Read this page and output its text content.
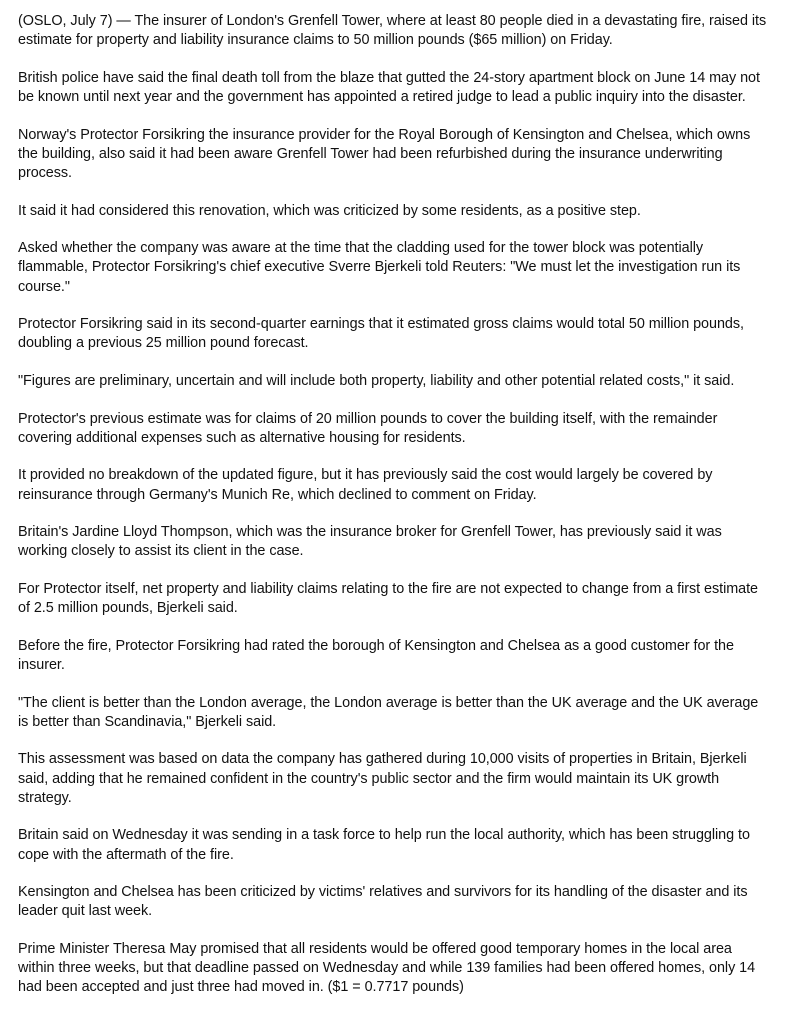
(OSLO, July 7) — The insurer of London's Grenfell Tower, where at least 80 people died in a devastating fire, raised its estimate for property and liability insurance claims to 50 million pounds ($65 million) on Friday.

British police have said the final death toll from the blaze that gutted the 24-story apartment block on June 14 may not be known until next year and the government has appointed a retired judge to lead a public inquiry into the disaster.

Norway's Protector Forsikring the insurance provider for the Royal Borough of Kensington and Chelsea, which owns the building, also said it had been aware Grenfell Tower had been refurbished during the insurance underwriting process.

It said it had considered this renovation, which was criticized by some residents, as a positive step.

Asked whether the company was aware at the time that the cladding used for the tower block was potentially flammable, Protector Forsikring's chief executive Sverre Bjerkeli told Reuters: "We must let the investigation run its course."

Protector Forsikring said in its second-quarter earnings that it estimated gross claims would total 50 million pounds, doubling a previous 25 million pound forecast.

"Figures are preliminary, uncertain and will include both property, liability and other potential related costs," it said.

Protector's previous estimate was for claims of 20 million pounds to cover the building itself, with the remainder covering additional expenses such as alternative housing for residents.

It provided no breakdown of the updated figure, but it has previously said the cost would largely be covered by reinsurance through Germany's Munich Re, which declined to comment on Friday.

Britain's Jardine Lloyd Thompson, which was the insurance broker for Grenfell Tower, has previously said it was working closely to assist its client in the case.

For Protector itself, net property and liability claims relating to the fire are not expected to change from a first estimate of 2.5 million pounds, Bjerkeli said.

Before the fire, Protector Forsikring had rated the borough of Kensington and Chelsea as a good customer for the insurer.

"The client is better than the London average, the London average is better than the UK average and the UK average is better than Scandinavia," Bjerkeli said.

This assessment was based on data the company has gathered during 10,000 visits of properties in Britain, Bjerkeli said, adding that he remained confident in the country's public sector and the firm would maintain its UK growth strategy.

Britain said on Wednesday it was sending in a task force to help run the local authority, which has been struggling to cope with the aftermath of the fire.

Kensington and Chelsea has been criticized by victims' relatives and survivors for its handling of the disaster and its leader quit last week.

Prime Minister Theresa May promised that all residents would be offered good temporary homes in the local area within three weeks, but that deadline passed on Wednesday and while 139 families had been offered homes, only 14 had been accepted and just three had moved in. ($1 = 0.7717 pounds)
